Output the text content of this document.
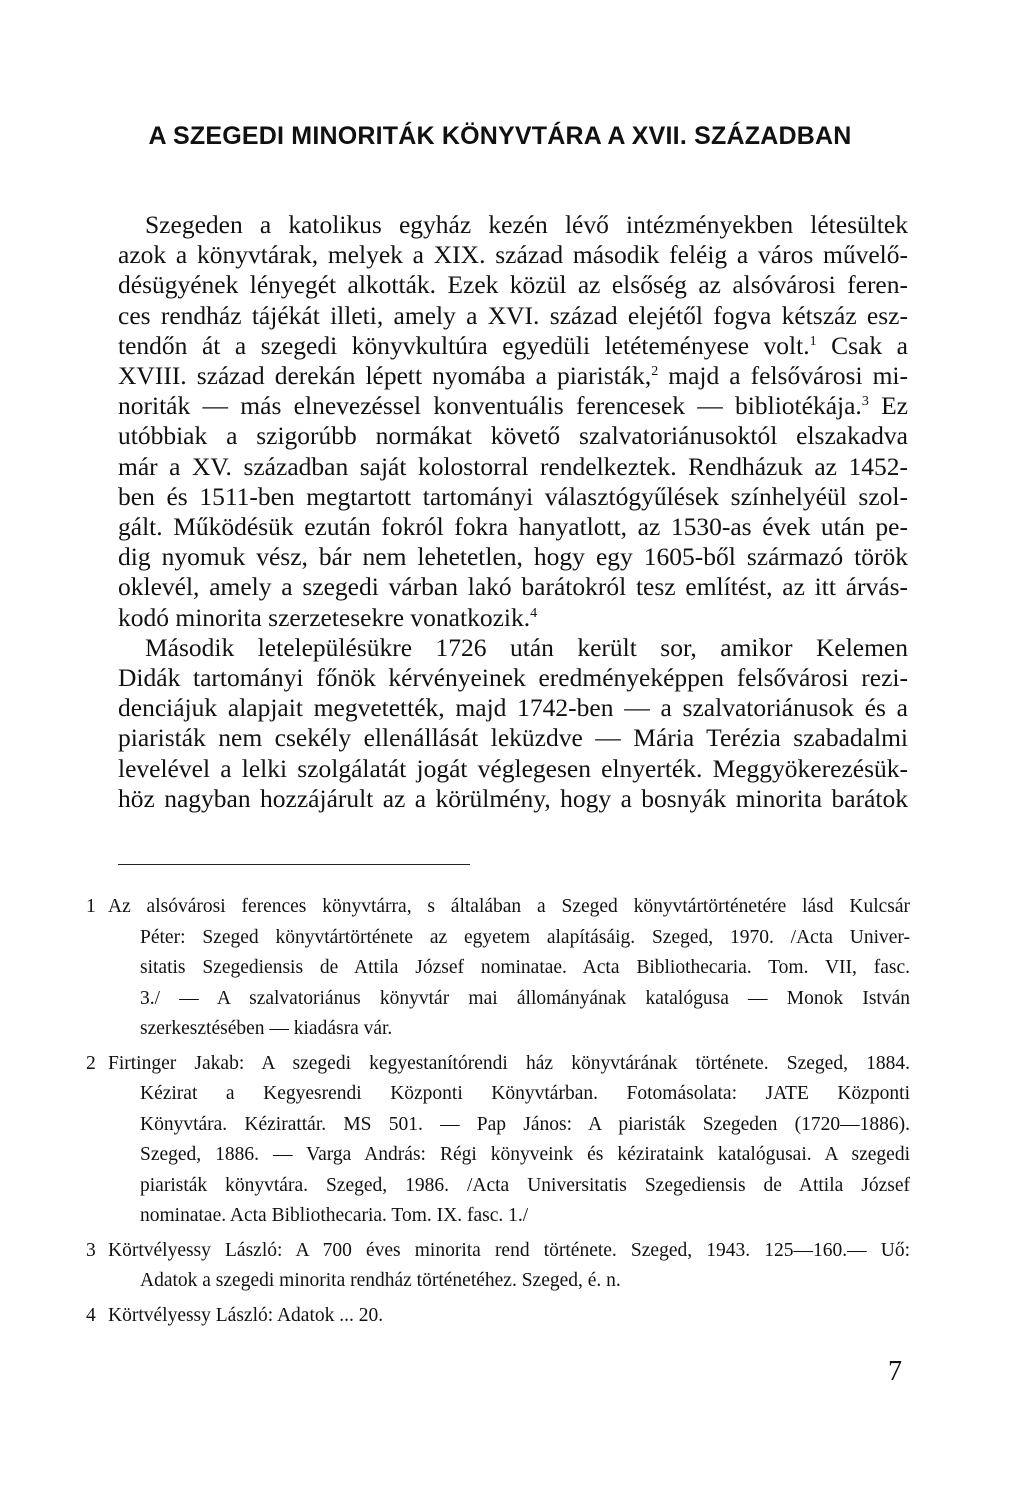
A SZEGEDI MINORITÁK KÖNYVTÁRA A XVII. SZÁZADBAN

Szegeden a katolikus egyház kezén lévő intézményekben létesültek
azok a könyvtárak, melyek a XIX. század második feléig a város művelő-
désügyének lényegét alkották. Ezek közül az elsőség az alsóvárosi feren-
ces rendház tájékát illeti, amely a XVI. század elejétől fogva kétszáz esz-
tendőn át a szegedi könyvkultúra egyedüli letéteményese volt.$^1$ Csak a
XVIII. század derekán lépett nyomába a piaristák,$^2$ majd a felsővárosi mi-
noriták — más elnevezéssel konventuális ferencesek — bibliotékája.$^3$ Ez
utóbbiak a szigorúbb normákat követő szalvatoriánusoktól elszakadva
már a XV. században saját kolostorral rendelkeztek. Rendházuk az 1452-
ben és 1511-ben megtartott tartományi választógyűlések színhelyéül szol-
gált. Működésük ezután fokról fokra hanyatlott, az 1530-as évek után pe-
dig nyomuk vész, bár nem lehetetlen, hogy egy 1605-ből származó török
oklevél, amely a szegedi várban lakó barátokról tesz említést, az itt árvás-
kodó minorita szerzetesekre vonatkozik.$^4$

Második letelepülésükre 1726 után került sor, amikor Kelemen
Didák tartományi főnök kérvényeinek eredményeképpen felsővárosi rezi-
denciájuk alapjait megvetették, majd 1742-ben — a szalvatoriánusok és a
piaristák nem csekély ellenállását leküzdve — Mária Terézia szabadalmi
levelével a lelki szolgálatát jogát véglegesen elnyerték. Meggyökerezésük-
höz nagyban hozzájárult az a körülmény, hogy a bosnyák minorita barátok

1 Az alsóvárosi ferences könyvtárra, s általában a Szeged könyvtártörténetére lásd Kulcsár
Péter: Szeged könyvtártörténete az egyetem alapításáig. Szeged, 1970. /Acta Univer-
sitatis Szegediensis de Attila József nominatae. Acta Bibliothecaria. Tom. VII, fasc.
3./ — A szalvatoriánus könyvtár mai állományának katalógusa — Monok István
szerkesztésében — kiadásra vár.
2 Firtinger Jakab: A szegedi kegyestanítórendi ház könyvtárának története. Szeged, 1884.
Kézirat a Kegyesrendi Központi Könyvtárban. Fotomásolata: JATE Központi
Könyvtára. Kézirattár. MS 501. — Pap János: A piaristák Szegeden (1720—1886).
Szeged, 1886. — Varga András: Régi könyveink és kézirataink katalógusai. A szegedi
piaristák könyvtára. Szeged, 1986. /Acta Universitatis Szegediensis de Attila József
nominatae. Acta Bibliothecaria. Tom. IX. fasc. 1./
3 Körtvélyessy László: A 700 éves minorita rend története. Szeged, 1943. 125—160.— Uő:
Adatok a szegedi minorita rendház történetéhez. Szeged, é. n.
4 Körtvélyessy László: Adatok ... 20.
7
